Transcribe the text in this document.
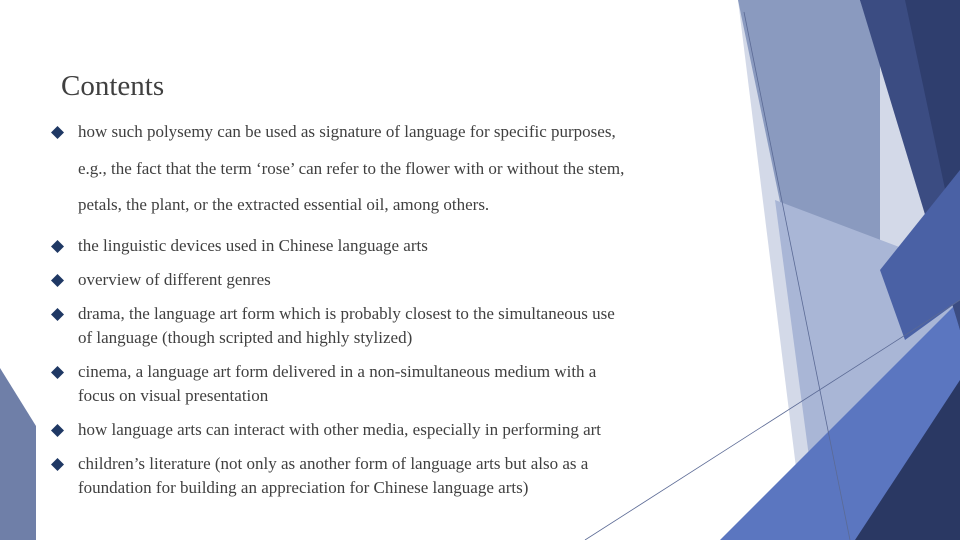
Contents
how such polysemy can be used as signature of language for specific purposes,
e.g., the fact that the term ‘rose’ can refer to the flower with or without the stem,
petals, the plant, or the extracted essential oil, among others.
the linguistic devices used in Chinese language arts
overview of different genres
drama, the language art form which is probably closest to the simultaneous use
of language (though scripted and highly stylized)
cinema, a language art form delivered in a non-simultaneous medium with a
focus on visual presentation
how language arts can interact with other media, especially in performing art
children’s literature (not only as another form of language arts but also as a
foundation for building an appreciation for Chinese language arts)
